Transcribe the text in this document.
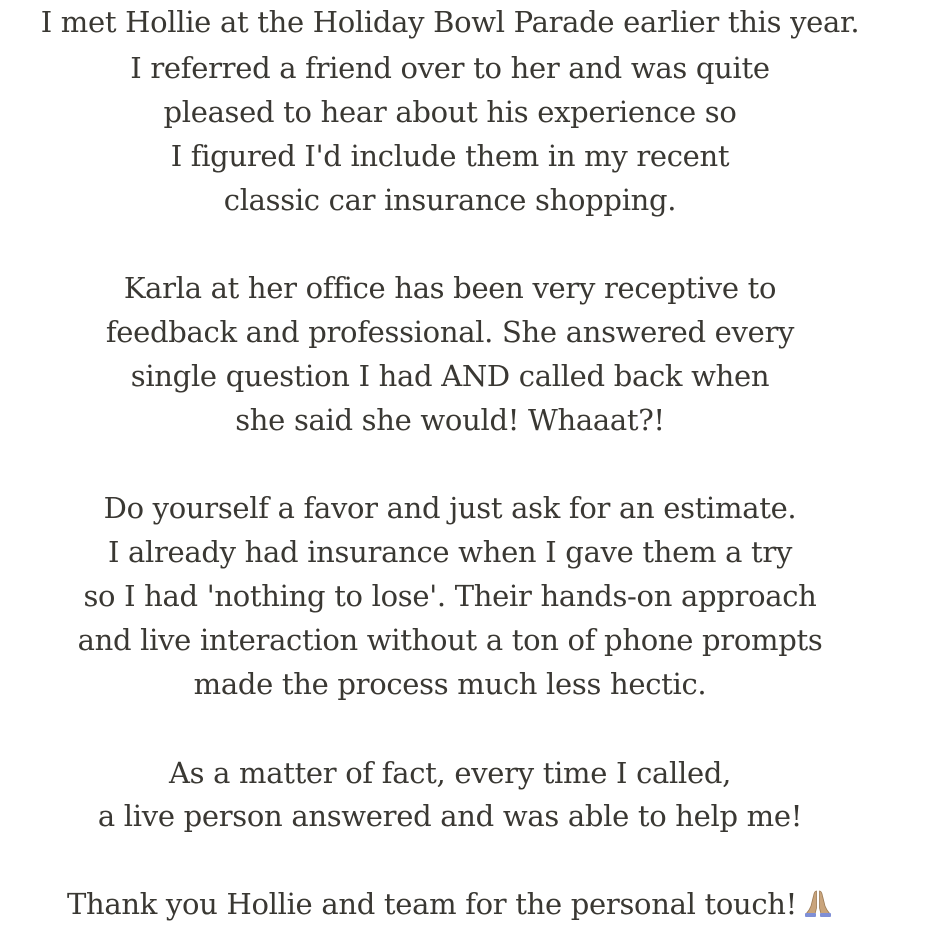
I met Hollie at the Holiday Bowl Parade earlier this year.
I referred a friend over to her and was quite
pleased to hear about his experience so
I figured I'd include them in my recent
classic car insurance shopping.
Karla at her office has been very receptive to
feedback and professional. She answered every
single question I had AND called back when
she said she would! Whaaat?!
Do yourself a favor and just ask for an estimate.
I already had insurance when I gave them a try
so I had 'nothing to lose'. Their hands-on approach
and live interaction without a ton of phone prompts
made the process much less hectic.
As a matter of fact, every time I called,
a live person answered and was able to help me!
Thank you Hollie and team for the personal touch!
